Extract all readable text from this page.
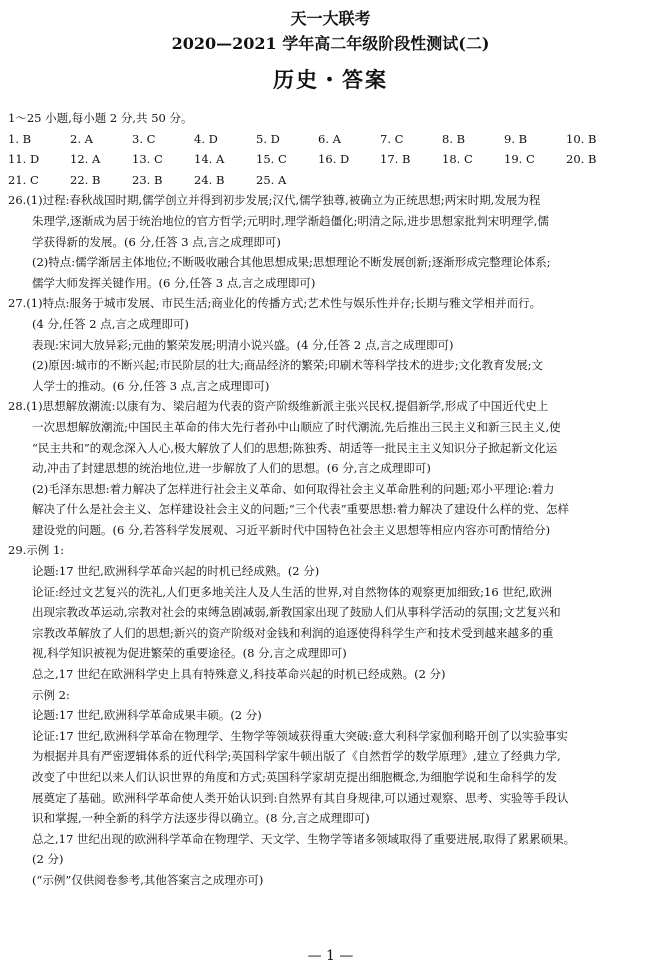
天一大联考
2020—2021 学年高二年级阶段性测试(二)
历史・答案
1～25 小题,每小题 2 分,共 50 分。
1. B	2. A	3. C	4. D	5. D	6. A	7. C	8. B	9. B	10. B
11. D	12. A	13. C	14. A	15. C	16. D	17. B	18. C	19. C	20. B
21. C	22. B	23. B	24. B	25. A
26.(1)过程:春秋战国时期,儒学创立并得到初步发展;汉代,儒学独尊,被确立为正统思想;两宋时期,发展为程
朱理学,逐渐成为居于统治地位的官方哲学;元明时,理学渐趋僵化;明清之际,进步思想家批判宋明理学,儒
学获得新的发展。(6 分,任答 3 点,言之成理即可)
(2)特点:儒学渐居主体地位;不断吸收融合其他思想成果;思想理论不断发展创新;逐渐形成完整理论体系;
儒学大师发挥关键作用。(6 分,任答 3 点,言之成理即可)
27.(1)特点:服务于城市发展、市民生活;商业化的传播方式;艺术性与娱乐性并存;长期与雅文学相并而行。
(4 分,任答 2 点,言之成理即可)
表现:宋词大放异彩;元曲的繁荣发展;明清小说兴盛。(4 分,任答 2 点,言之成理即可)
(2)原因:城市的不断兴起;市民阶层的壮大;商品经济的繁荣;印刷术等科学技术的进步;文化教育发展;文
人学士的推动。(6 分,任答 3 点,言之成理即可)
28.(1)思想解放潮流:以康有为、梁启超为代表的资产阶级维新派主张兴民权,提倡新学,形成了中国近代史上
一次思想解放潮流;中国民主革命的伟大先行者孙中山顺应了时代潮流,先后推出三民主义和新三民主义,使
“民主共和”的观念深入人心,极大解放了人们的思想;陈独秀、胡适等一批民主主义知识分子掀起新文化运
动,冲击了封建思想的统治地位,进一步解放了人们的思想。(6 分,言之成理即可)
(2)毛泽东思想:着力解决了怎样进行社会主义革命、如何取得社会主义革命胜利的问题;邓小平理论:着力
解决了什么是社会主义、怎样建设社会主义的问题;“三个代表”重要思想:着力解决了建设什么样的党、怎样
建设党的问题。(6 分,若答科学发展观、习近平新时代中国特色社会主义思想等相应内容亦可酌情给分)
29.示例 1:
论题:17 世纪,欧洲科学革命兴起的时机已经成熟。(2 分)
论证:经过文艺复兴的洗礼,人们更多地关注人及人生活的世界,对自然物体的观察更加细致;16 世纪,欧洲
出现宗教改革运动,宗教对社会的束缚急剧减弱,新教国家出现了鼓励人们从事科学活动的氛围;文艺复兴和
宗教改革解放了人们的思想;新兴的资产阶级对金钱和利润的追逐使得科学生产和技术受到越来越多的重
视,科学知识被视为促进繁荣的重要途径。(8 分,言之成理即可)
总之,17 世纪在欧洲科学史上具有特殊意义,科技革命兴起的时机已经成熟。(2 分)
示例 2:
论题:17 世纪,欧洲科学革命成果丰硕。(2 分)
论证:17 世纪,欧洲科学革命在物理学、生物学等领域获得重大突破:意大利科学家伽利略开创了以实验事实
为根据并具有严密逻辑体系的近代科学;英国科学家牛顿出版了《自然哲学的数学原理》,建立了经典力学,
改变了中世纪以来人们认识世界的角度和方式;英国科学家胡克提出细胞概念,为细胞学说和生命科学的发
展奠定了基础。欧洲科学革命使人类开始认识到:自然界有其自身规律,可以通过观察、思考、实验等手段认
识和掌握,一种全新的科学方法逐步得以确立。(8 分,言之成理即可)
总之,17 世纪出现的欧洲科学革命在物理学、天文学、生物学等诸多领域取得了重要进展,取得了累累硕果。
(2 分)
(“示例”仅供阅卷参考,其他答案言之成理亦可)
— 1 —
